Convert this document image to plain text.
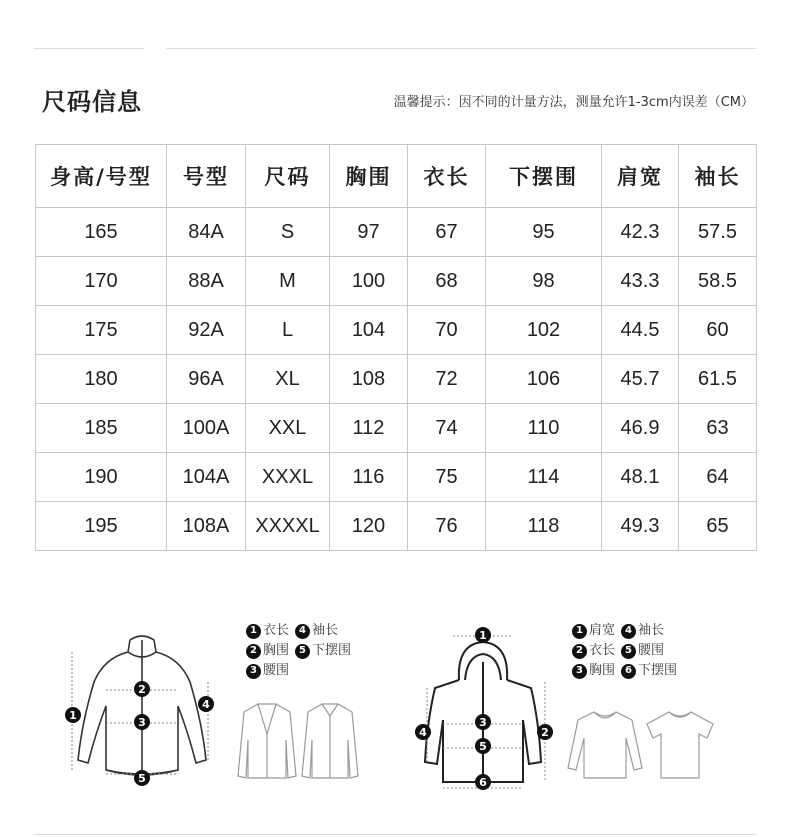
尺码信息	温馨提示：因不同的计量方法，测量允许1-3cm内误差（CM）
身高/号型	号型	尺码	胸围	衣长	下摆围	肩宽	袖长
165	84A	S	97	67	95	42.3	57.5
170	88A	M	100	68	98	43.3	58.5
175	92A	L	104	70	102	44.5	60
180	96A	XL	108	72	106	45.7	61.5
185	100A	XXL	112	74	110	46.9	63
190	104A	XXXL	116	75	114	48.1	64
195	108A	XXXXL	120	76	118	49.3	65
1
2
3
4
5
1 衣长	4 袖长
2 胸围	5 下摆围
3 腰围
1
2
3
4
5
6
1 肩宽	4 袖长
2 衣长	5 腰围
3 胸围	6 下摆围
